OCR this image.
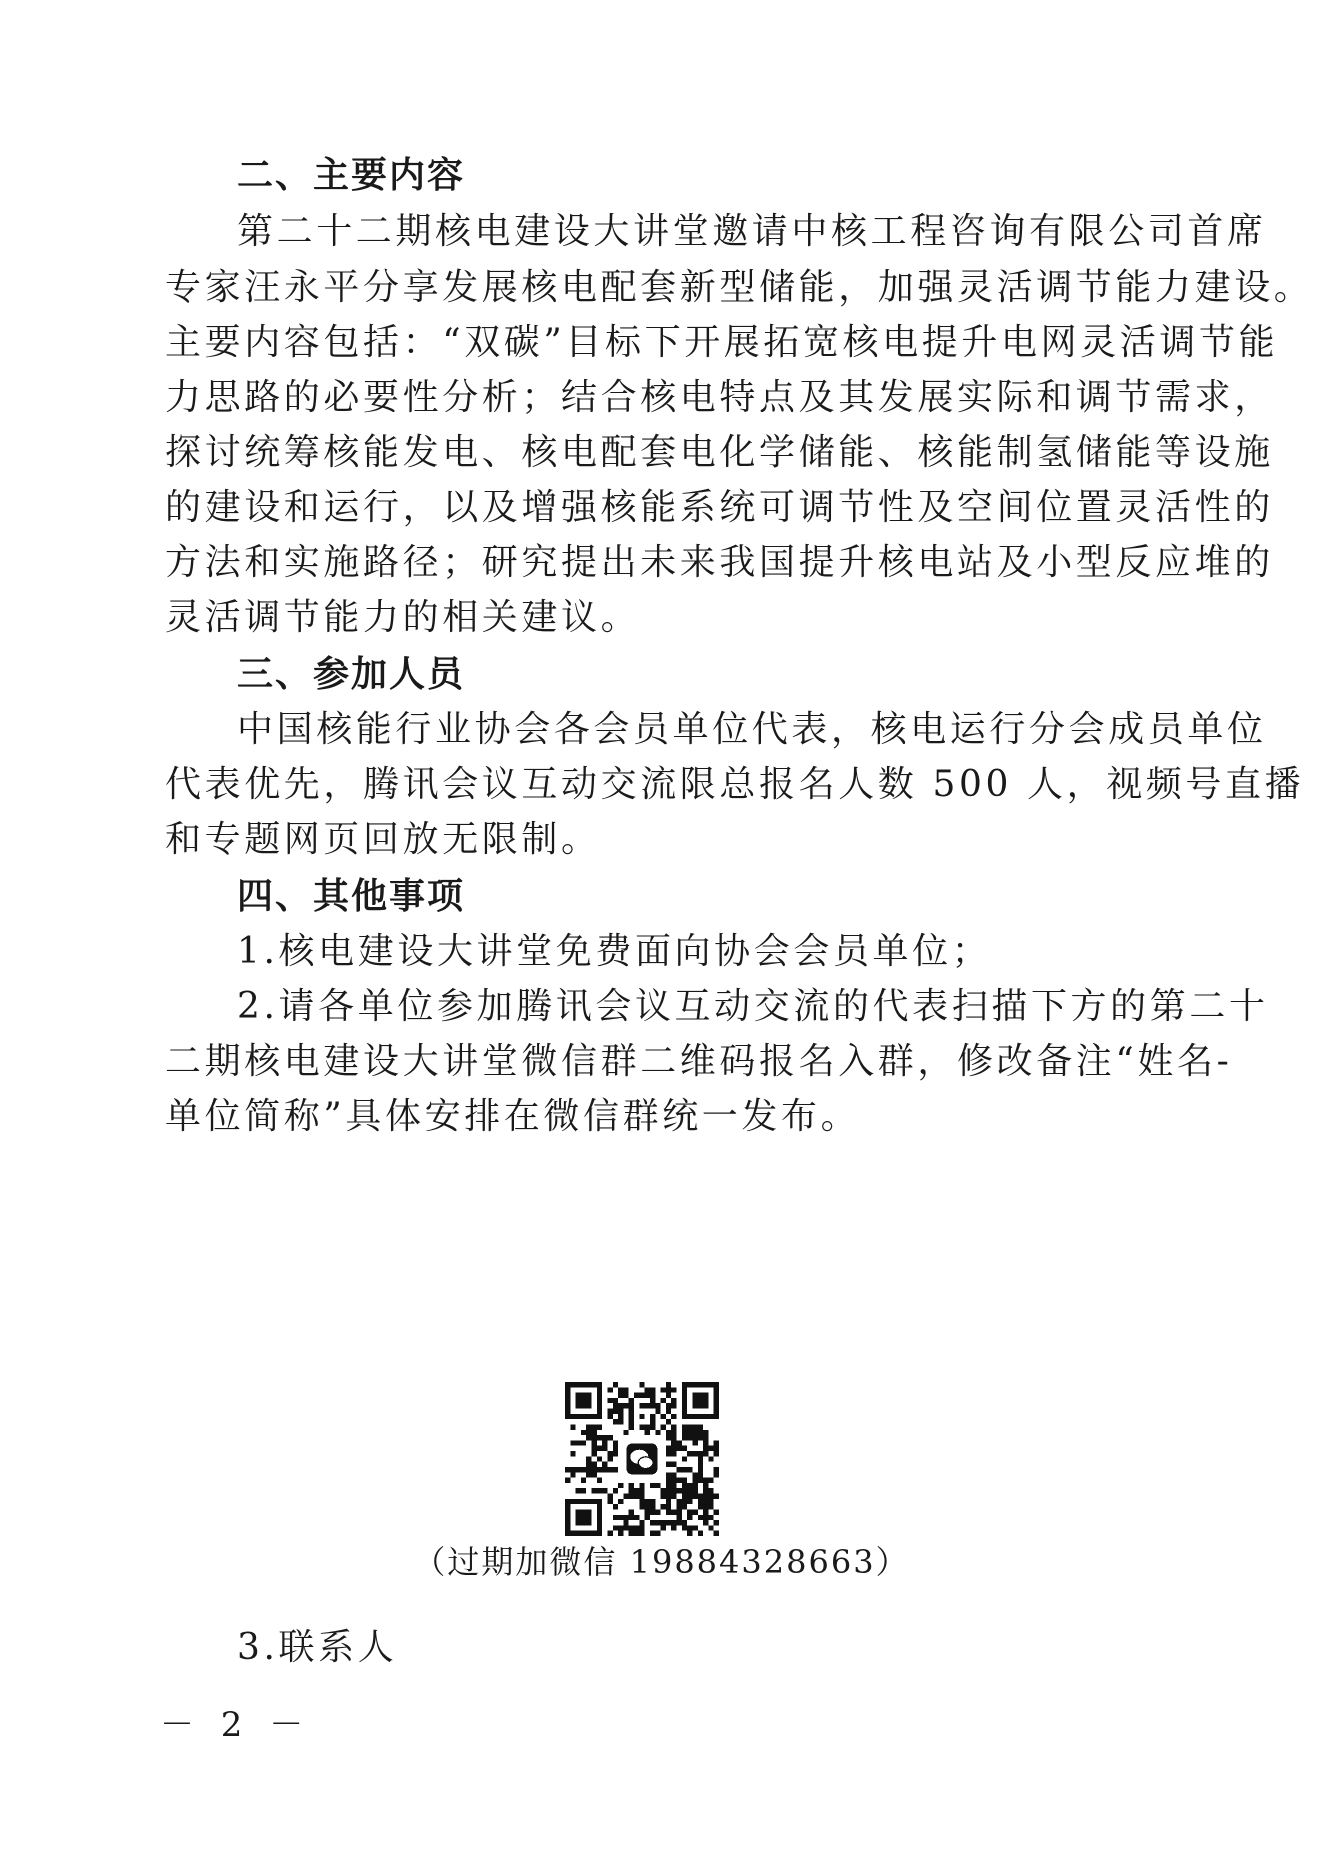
二、主要内容
第二十二期核电建设大讲堂邀请中核工程咨询有限公司首席
专家汪永平分享发展核电配套新型储能，加强灵活调节能力建设。
主要内容包括：“双碳”目标下开展拓宽核电提升电网灵活调节能
力思路的必要性分析；结合核电特点及其发展实际和调节需求，
探讨统筹核能发电、核电配套电化学储能、核能制氢储能等设施
的建设和运行，以及增强核能系统可调节性及空间位置灵活性的
方法和实施路径；研究提出未来我国提升核电站及小型反应堆的
灵活调节能力的相关建议。
三、参加人员
中国核能行业协会各会员单位代表，核电运行分会成员单位
代表优先，腾讯会议互动交流限总报名人数 500 人，视频号直播
和专题网页回放无限制。
四、其他事项
1.核电建设大讲堂免费面向协会会员单位；
2.请各单位参加腾讯会议互动交流的代表扫描下方的第二十
二期核电建设大讲堂微信群二维码报名入群，修改备注“姓名-
单位简称”具体安排在微信群统一发布。
（过期加微信 19884328663）
3.联系人
－ 2 －
